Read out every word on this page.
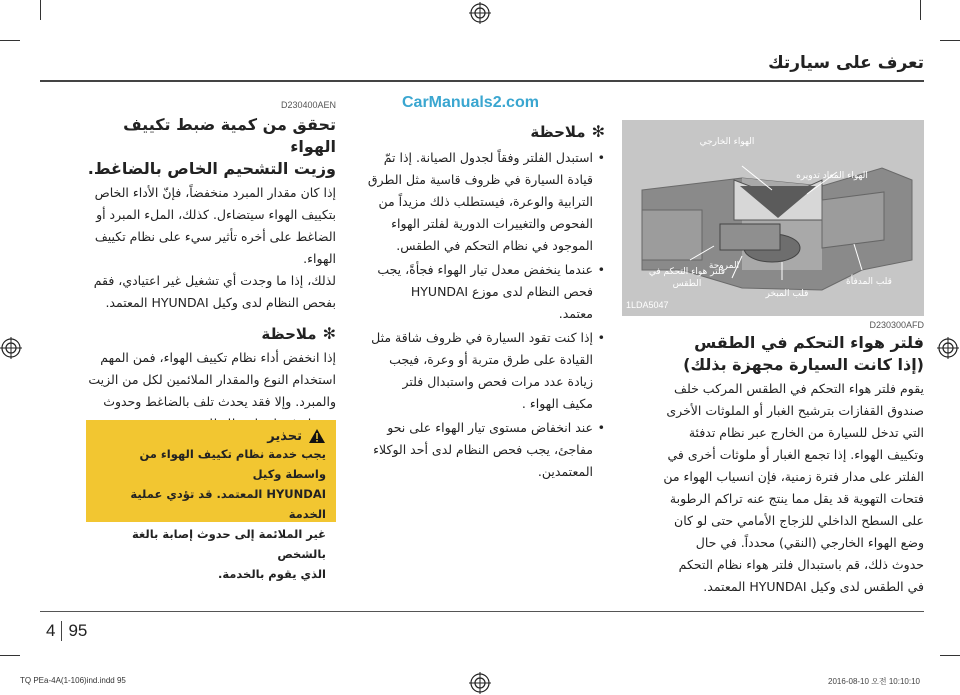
تعرف على سيارتك
CarManuals2.com
D230400AEN
تحقق من كمية ضبط تكييف الهواء
وزيت التشحيم الخاص بالضاغط.

إذا كان مقدار المبرد منخفضاً، فإنّ الأداء الخاص

بتكييف الهواء سيتضاءل. كذلك، الملء المبرد أو

الضاغط على أخره تأثير سيء على نظام تكييف

الهواء.

لذلك، إذا ما وجدت أي تشغيل غير اعتيادي، فقم

بفحص النظام لدى وكيل HYUNDAI المعتمد.

✻
ملاحظة

إذا انخفض أداء نظام تكييف الهواء، فمن المهم

استخدام النوع والمقدار الملائمين لكل من الزيت

والمبرد. وإلا فقد يحدث تلف بالضاغط وحدوث

تحذير
يجب خدمة نظام تكييف الهواء من واسطة وكيل
HYUNDAI المعتمد. قد تؤدي عملية الخدمة
غير الملائمة إلى حدوث إصابة بالغة بالشخص
الذي يقوم بالخدمة.
✻
ملاحظة
• استبدل الفلتر وفقاً لجدول الصيانة. إذا تمّ
قيادة السيارة في ظروف قاسية مثل الطرق
الترابية والوعرة، فيستطلب ذلك مزيداً من
الفحوص والتغييرات الدورية لفلتر الهواء
الموجود في نظام التحكم في الطقس.
• عندما ينخفض معدل تيار الهواء فجأةً، يجب
فحص النظام لدى موزع HYUNDAI
معتمد.
• إذا كنت تقود السيارة في ظروف شاقة مثل
القيادة على طرق متربة أو وعرة، فيجب
زيادة عدد مرات فحص واستبدال فلتر
مكيف الهواء .
• عند انخفاض مستوى تيار الهواء على نحو
مفاجئ، يجب فحص النظام لدى أحد الوكلاء
المعتمدين.
الهواء الخارجي
الهواء المعاد تدويره
فلتر هواء التحكم في الطقس
المروحة
قلب المبخر
قلب المدفأة
1LDA5047
D230300AFD
فلتر هواء التحكم في الطقس
(إذا كانت السيارة مجهزة بذلك)

يقوم فلتر هواء التحكم في الطقس المركب خلف

صندوق القفازات بترشيح الغبار أو الملوثات الأخرى

التي تدخل للسيارة من الخارج عبر نظام تدفئة

وتكييف الهواء. إذا تجمع الغبار أو ملوثات أخرى في

الفلتر على مدار فترة زمنية، فإن انسياب الهواء من

فتحات التهوية قد يقل مما ينتج عنه تراكم الرطوبة

على السطح الداخلي للزجاج الأمامي حتى لو كان

وضع الهواء الخارجي (النقي) محدداً. في حال

حدوث ذلك، قم باستبدال فلتر هواء نظام التحكم

في الطقس لدى وكيل HYUNDAI المعتمد.

4 95
TQ PEa-4A(1-106)ind.indd 95	2016-08-10 오전 10:10:10
